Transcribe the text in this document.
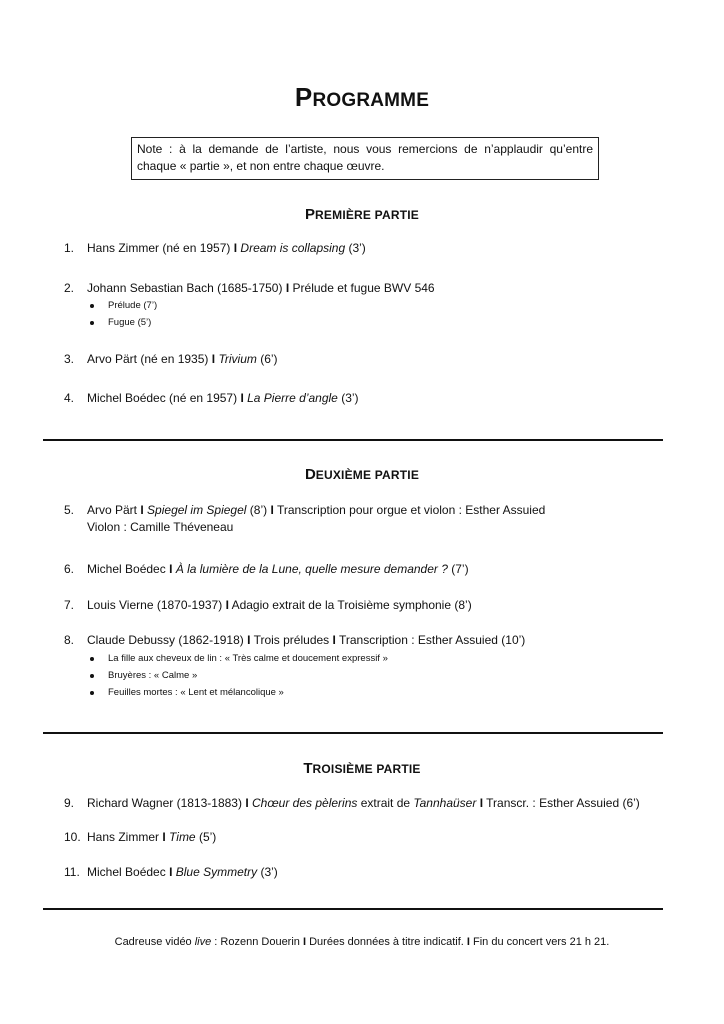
PROGRAMME
Note : à la demande de l’artiste, nous vous remercions de n’applaudir qu’entre chaque « partie », et non entre chaque œuvre.
PREMIÈRE PARTIE
1. Hans Zimmer (né en 1957) I Dream is collapsing (3’)
2. Johann Sebastian Bach (1685-1750) I Prélude et fugue BWV 546
Prélude (7’)
Fugue (5’)
3. Arvo Pärt (né en 1935) I Trivium (6’)
4. Michel Boédec (né en 1957) I La Pierre d’angle (3’)
DEUXIÈME PARTIE
5. Arvo Pärt I Spiegel im Spiegel (8’) I Transcription pour orgue et violon : Esther Assuied
Violon : Camille Théveneau
6. Michel Boédec I À la lumière de la Lune, quelle mesure demander ? (7’)
7. Louis Vierne (1870-1937) I Adagio extrait de la Troisième symphonie (8’)
8. Claude Debussy (1862-1918) I Trois préludes I Transcription : Esther Assuied (10’)
La fille aux cheveux de lin : « Très calme et doucement expressif »
Bruyères : « Calme »
Feuilles mortes : « Lent et mélancolique »
TROISIÈME PARTIE
9. Richard Wagner (1813-1883) I Chœur des pèlerins extrait de Tannhaüser I Transcr. : Esther Assuied (6’)
10. Hans Zimmer I Time (5’)
11. Michel Boédec I Blue Symmetry (3’)
Cadreuse vidéo live : Rozenn Douerin I Durées données à titre indicatif. I Fin du concert vers 21 h 21.
